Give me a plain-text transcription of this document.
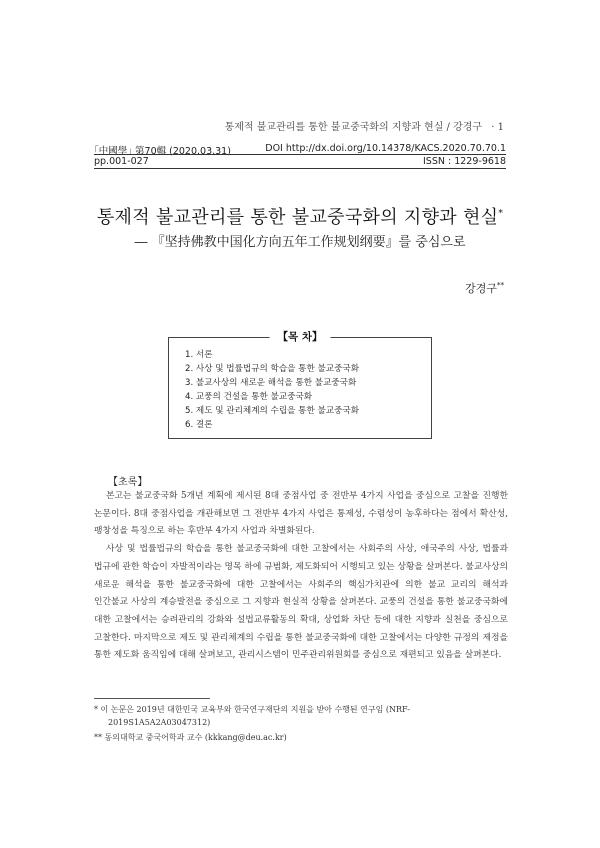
통제적 불교관리를 통한 불교중국화의 지향과 현실 / 강경구 · 1
｢中國學｣ 第70輯 (2020.03.31)	DOI http://dx.doi.org/10.14378/KACS.2020.70.70.1
pp.001-027	ISSN : 1229-9618
통제적 불교관리를 통한 불교중국화의 지향과 현실*
― 『坚持佛教中国化方向五年工作规划纲要』를 중심으로
강경구**
【목 차】
1. 서론
2. 사상 및 법률법규의 학습을 통한 불교중국화
3. 불교사상의 새로운 해석을 통한 불교중국화
4. 교풍의 건설을 통한 불교중국화
5. 제도 및 관리체계의 수립을 통한 불교중국화
6. 결론
【초록】

본고는 불교중국화 5개년 계획에 제시된 8대 중점사업 중 전반부 4가지 사업을 중심으로 고찰을 진행한 논문이다. 8대 중점사업을 개관해보면 그 전반부 4가지 사업은 통제성, 수렴성이 농후하다는 점에서 확산성, 팽창성을 특징으로 하는 후반부 4가지 사업과 차별화된다.

사상 및 법률법규의 학습을 통한 불교중국화에 대한 고찰에서는 사회주의 사상, 애국주의 사상, 법률과 법규에 관한 학습이 자발적이라는 명목 하에 규범화, 제도화되어 시행되고 있는 상황을 살펴본다. 불교사상의 새로운 해석을 통한 불교중국화에 대한 고찰에서는 사회주의 핵심가치관에 의한 불교 교리의 해석과 인간불교 사상의 계승발전을 중심으로 그 지향과 현실적 상황을 살펴본다. 교풍의 건설을 통한 불교중국화에 대한 고찰에서는 승려관리의 강화와 설법교류활동의 확대, 상업화 차단 등에 대한 지향과 실천을 중심으로 고찰한다. 마지막으로 제도 및 관리체계의 수립을 통한 불교중국화에 대한 고찰에서는 다양한 규정의 제정을 통한 제도화 움직임에 대해 살펴보고, 관리시스템이 민주관리위원회를 중심으로 재편되고 있음을 살펴본다.

* 이 논문은 2019년 대한민국 교육부와 한국연구재단의 지원을 받아 수행된 연구임 (NRF-2019S1A5A2A03047312)

** 동의대학교 중국어학과 교수 (kkkang@deu.ac.kr)
